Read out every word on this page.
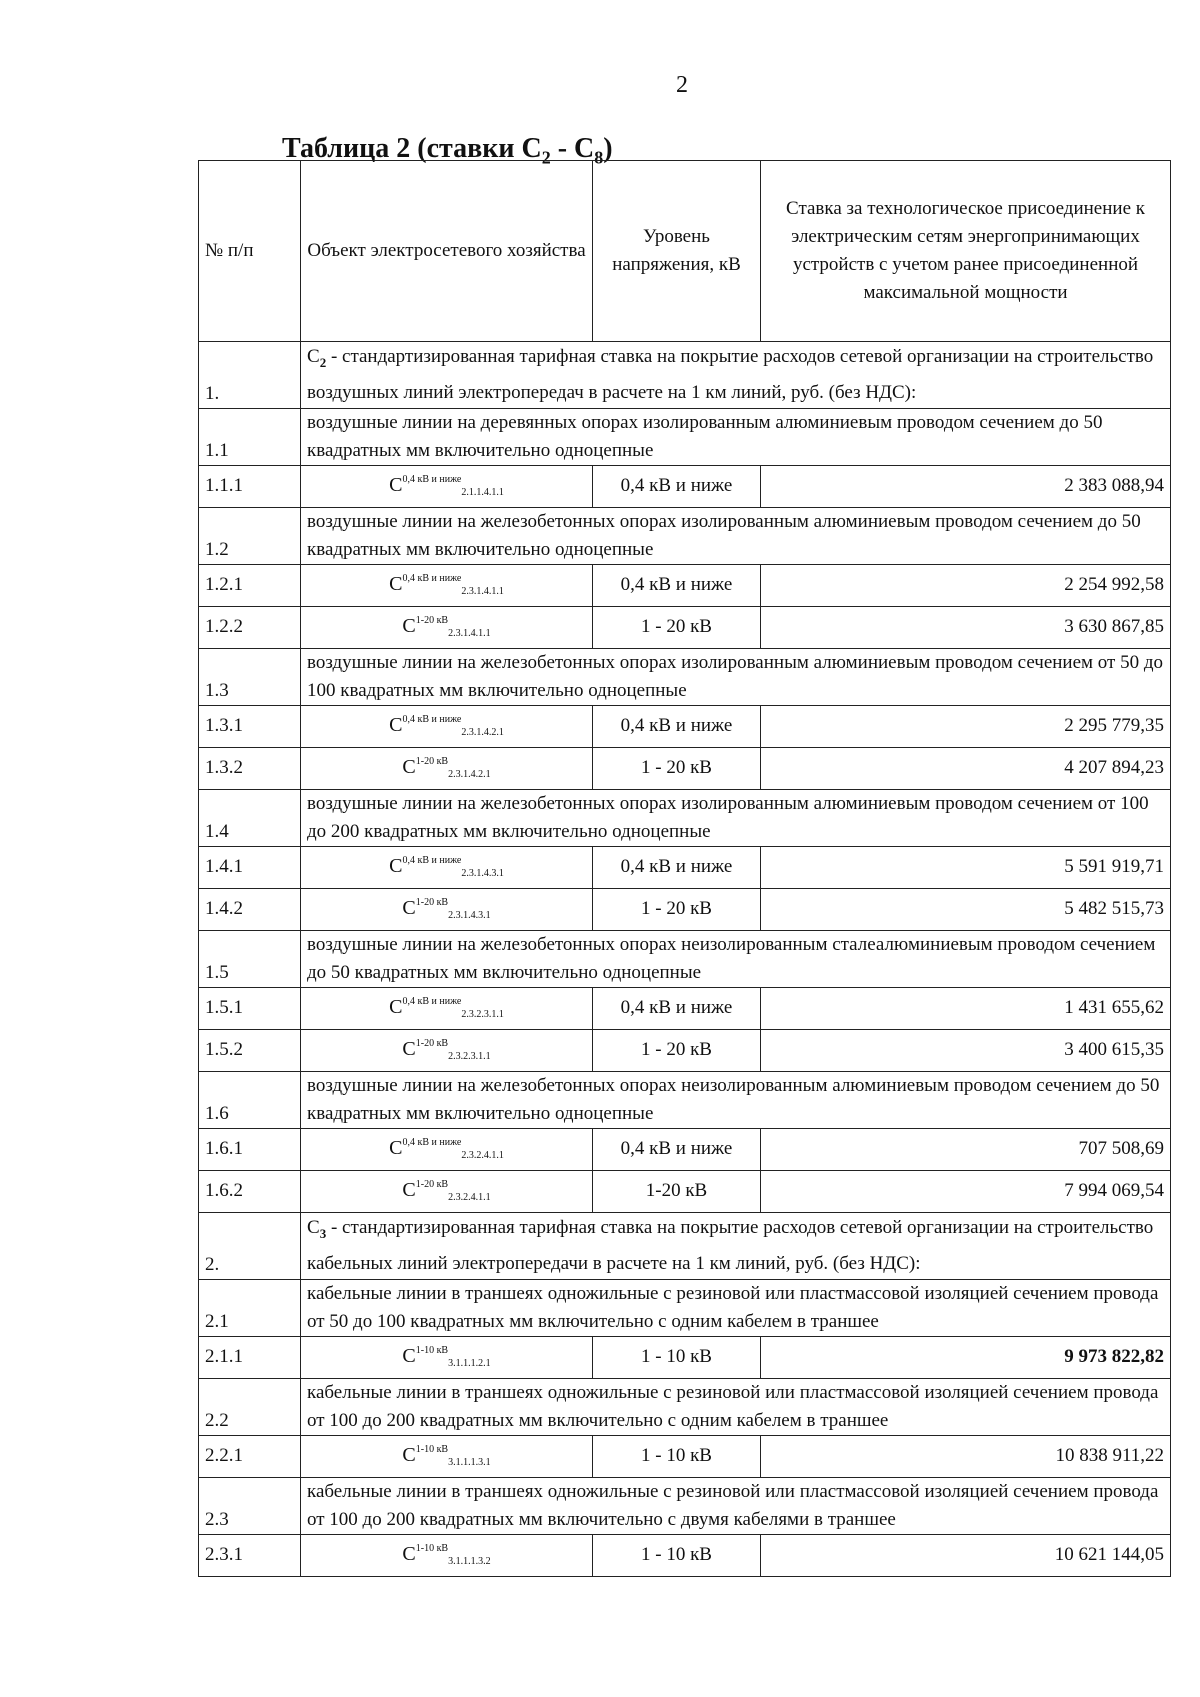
2
Таблица 2 (ставки $С_2 - С_8$)
№ п/п	Объект электросетевого хозяйства	Уровень напряжения, кВ	Ставка за технологическое присоединение к электрическим сетям энергопринимающих устройств с учетом ранее присоединенной максимальной мощности
1.	$С_2$ - стандартизированная тарифная ставка на покрытие расходов сетевой организации на строительство воздушных линий электропередач в расчете на 1 км линий, руб. (без НДС):		
1.1	воздушные линии на деревянных опорах изолированным алюминиевым проводом сечением до 50 квадратных мм включительно одноцепные		
1.1.1	$С^{0,4 кВ и ниже}_{2.1.1.4.1.1}$	0,4 кВ и ниже	2 383 088,94
1.2	воздушные линии на железобетонных опорах изолированным алюминиевым проводом сечением до 50 квадратных мм включительно одноцепные		
1.2.1	$С^{0,4 кВ и ниже}_{2.3.1.4.1.1}$	0,4 кВ и ниже	2 254 992,58
1.2.2	$С^{1-20 кВ}_{2.3.1.4.1.1}$	1 - 20 кВ	3 630 867,85
1.3	воздушные линии на железобетонных опорах изолированным алюминиевым проводом сечением от 50 до 100 квадратных мм включительно одноцепные		
1.3.1	$С^{0,4 кВ и ниже}_{2.3.1.4.2.1}$	0,4 кВ и ниже	2 295 779,35
1.3.2	$С^{1-20 кВ}_{2.3.1.4.2.1}$	1 - 20 кВ	4 207 894,23
1.4	воздушные линии на железобетонных опорах изолированным алюминиевым проводом сечением от 100 до 200 квадратных мм включительно одноцепные		
1.4.1	$С^{0,4 кВ и ниже}_{2.3.1.4.3.1}$	0,4 кВ и ниже	5 591 919,71
1.4.2	$С^{1-20 кВ}_{2.3.1.4.3.1}$	1 - 20 кВ	5 482 515,73
1.5	воздушные линии на железобетонных опорах неизолированным сталеалюминиевым проводом сечением до 50 квадратных мм включительно одноцепные		
1.5.1	$С^{0,4 кВ и ниже}_{2.3.2.3.1.1}$	0,4 кВ и ниже	1 431 655,62
1.5.2	$С^{1-20 кВ}_{2.3.2.3.1.1}$	1 - 20 кВ	3 400 615,35
1.6	воздушные линии на железобетонных опорах неизолированным алюминиевым проводом сечением до 50 квадратных мм включительно одноцепные		
1.6.1	$С^{0,4 кВ и ниже}_{2.3.2.4.1.1}$	0,4 кВ и ниже	707 508,69
1.6.2	$С^{1-20 кВ}_{2.3.2.4.1.1}$	1-20 кВ	7 994 069,54
2.	$С_3$ - стандартизированная тарифная ставка на покрытие расходов сетевой организации на строительство кабельных линий электропередачи в расчете на 1 км линий, руб. (без НДС):		
2.1	кабельные линии в траншеях одножильные с резиновой или пластмассовой изоляцией сечением провода от 50 до 100 квадратных мм включительно с одним кабелем в траншее		
2.1.1	$С^{1-10 кВ}_{3.1.1.1.2.1}$	1 - 10 кВ	9 973 822,82
2.2	кабельные линии в траншеях одножильные с резиновой или пластмассовой изоляцией сечением провода от 100 до 200 квадратных мм включительно с одним кабелем в траншее		
2.2.1	$С^{1-10 кВ}_{3.1.1.1.3.1}$	1 - 10 кВ	10 838 911,22
2.3	кабельные линии в траншеях одножильные с резиновой или пластмассовой изоляцией сечением провода от 100 до 200 квадратных мм включительно с двумя кабелями в траншее		
2.3.1	$С^{1-10 кВ}_{3.1.1.1.3.2}$	1 - 10 кВ	10 621 144,05
